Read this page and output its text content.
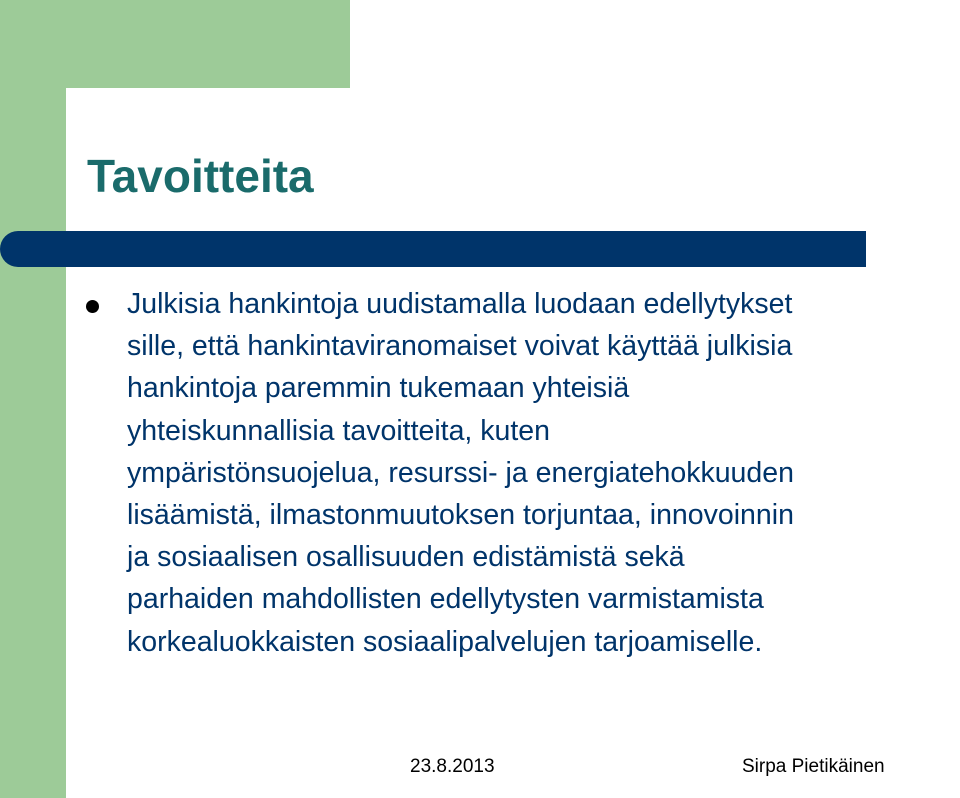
Tavoitteita
Julkisia hankintoja uudistamalla luodaan edellytykset
sille, että hankintaviranomaiset voivat käyttää julkisia
hankintoja paremmin tukemaan yhteisiä
yhteiskunnallisia tavoitteita, kuten
ympäristönsuojelua, resurssi- ja energiatehokkuuden
lisäämistä, ilmastonmuutoksen torjuntaa, innovoinnin
ja sosiaalisen osallisuuden edistämistä sekä
parhaiden mahdollisten edellytysten varmistamista
korkealuokkaisten sosiaalipalvelujen tarjoamiselle.
23.8.2013	Sirpa Pietikäinen
